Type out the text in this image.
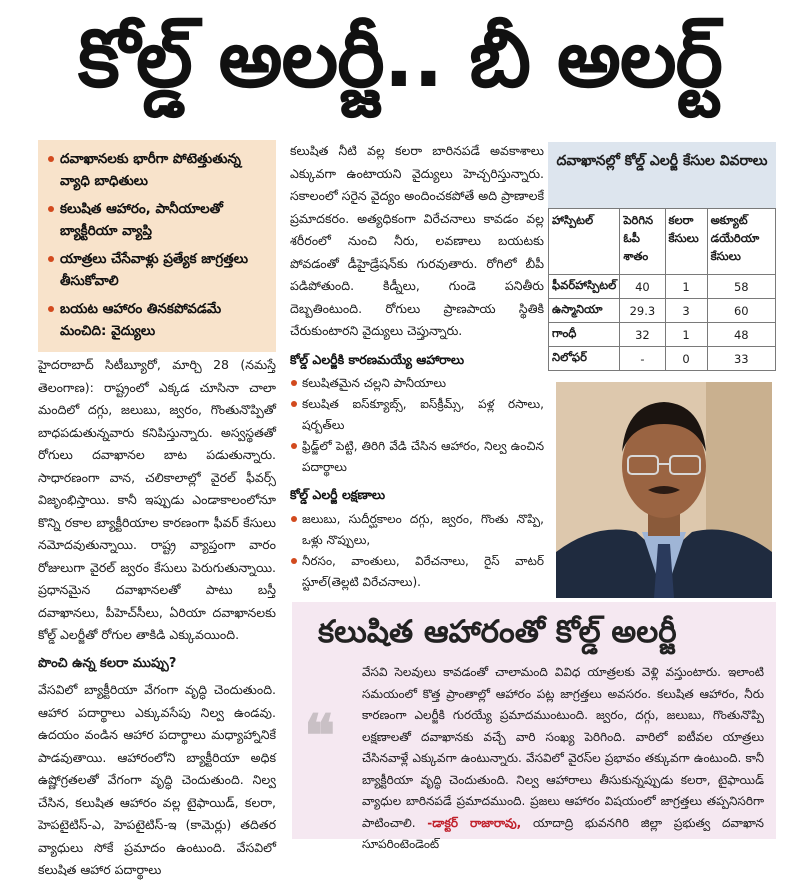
కోల్డ్ అలర్జీ.. బీ అలర్ట్
దవాఖానలకు భారీగా పోటెత్తుతున్న వ్యాధి బాధితులు
కలుషిత ఆహారం, పానీయాలతో బ్యాక్టీరియా వ్యాప్తి
యాత్రలు చేసేవాళ్లు ప్రత్యేక జాగ్రత్తలు తీసుకోవాలి
బయట ఆహారం తినకపోవడమే మంచిది: వైద్యులు

హైదరాబాద్ సిటీబ్యూరో, మార్చి 28 (నమస్తే తెలంగాణ): రాష్ట్రంలో ఎక్కడ చూసినా చాలా మందిలో దగ్గు, జలుబు, జ్వరం, గొంతునొప్పితో బాధపడుతున్నవారు కనిపిస్తున్నారు. అస్వస్థతతో రోగులు దవాఖానల బాట పడుతున్నారు. సాధారణంగా వాన, చలికాలాల్లో వైరల్ ఫీవర్స్ విజృంభిస్తాయి. కానీ ఇప్పుడు ఎండాకాలంలోనూ కొన్ని రకాల బ్యాక్టీరియాల కారణంగా ఫీవర్ కేసులు నమోదవుతున్నాయి. రాష్ట్ర వ్యాప్తంగా వారం రోజులుగా వైరల్ జ్వరం కేసులు పెరుగుతున్నాయి. ప్రధానమైన దవాఖానలతో పాటు బస్తీ దవాఖానలు, పీహెచ్‌సీలు, ఏరియా దవాఖానలకు కోల్డ్ ఎలర్జీతో రోగుల తాకిడి ఎక్కువయింది.

పొంచి ఉన్న కలరా ముప్పు?

వేసవిలో బ్యాక్టీరియా వేగంగా వృద్ధి చెందుతుంది. ఆహార పదార్థాలు ఎక్కువసేపు నిల్వ ఉండవు. ఉదయం వండిన ఆహార పదార్థాలు మధ్యాహ్నానికే పాడవుతాయి. ఆహారంలోని బ్యాక్టీరియా అధిక ఉష్ణోగ్రతలతో వేగంగా వృద్ధి చెందుతుంది. నిల్వ చేసిన, కలుషిత ఆహారం వల్ల టైఫాయిడ్, కలరా, హెపటైటిస్-ఎ, హెపటైటిస్-ఇ (కామెర్లు) తదితర వ్యాధులు సోకే ప్రమాదం ఉంటుంది. వేసవిలో కలుషిత ఆహార పదార్థాలు

కలుషిత నీటి వల్ల కలరా బారినపడే అవకాశాలు ఎక్కువగా ఉంటాయని వైద్యులు హెచ్చరిస్తున్నారు. సకాలంలో సరైన వైద్యం అందించకపోతే అది ప్రాణాలకే ప్రమాదకరం. అత్యధికంగా విరేచనాలు కావడం వల్ల శరీరంలో నుంచి నీరు, లవణాలు బయటకు పోవడంతో డీహైడ్రేషన్‌కు గురవుతారు. రోగిలో బీపీ పడిపోతుంది. కిడ్నీలు, గుండె పనితీరు దెబ్బతింటుంది. రోగులు ప్రాణపాయ స్థితికి చేరుకుంటారని వైద్యులు చెప్తున్నారు.

కోల్డ్ ఎలర్జీకి కారణమయ్యే ఆహారాలు
కలుషితమైన చల్లని పానీయాలు
కలుషిత ఐస్‌క్యూబ్స్, ఐస్‌క్రీమ్స్, పళ్ల రసాలు, షర్బత్‌లు
ఫ్రిడ్జ్‌లో పెట్టి, తిరిగి వేడి చేసిన ఆహారం, నిల్వ ఉంచిన పదార్థాలు
కోల్డ్ ఎలర్జీ లక్షణాలు
జలుబు, సుదీర్ఘకాలం దగ్గు, జ్వరం, గొంతు నొప్పి, ఒళ్లు నొప్పులు,
నీరసం, వాంతులు, విరేచనాలు, రైస్ వాటర్ స్టూల్(తెల్లటి విరేచనాలు).
దవాఖానల్లో కోల్డ్ ఎలర్జీ కేసుల వివరాలు
హాస్పిటల్	పెరిగిన ఓపీ శాతం	కలరా కేసులు	అక్యూట్ డయేరియా కేసులు
ఫీవర్‌హాస్పిటల్	40	1	58
ఉస్మానియా	29.3	3	60
గాంధీ	32	1	48
నిలోఫర్	-	0	33
కలుషిత ఆహారంతో కోల్డ్ అలర్జీ
❝
వేసవి సెలవులు కావడంతో చాలామంది వివిధ యాత్రలకు వెళ్లి వస్తుంటారు. ఇలాంటి సమయంలో కొత్త ప్రాంతాల్లో ఆహారం పట్ల జాగ్రత్తలు అవసరం. కలుషిత ఆహారం, నీరు కారణంగా ఎలర్జీకి గురయ్యే ప్రమాదముంటుంది. జ్వరం, దగ్గు, జలుబు, గొంతునొప్పి లక్షణాలతో దవాఖానకు వచ్చే వారి సంఖ్య పెరిగింది. వారిలో ఐటీ‌వల యాత్రలు చేసినవాళ్లే ఎక్కువగా ఉంటున్నారు. వేసవిలో వైరస్‌ల ప్రభావం తక్కువగా ఉంటుంది. కానీ బ్యాక్టీరియా వృద్ధి చెందుతుంది. నిల్వ ఆహారాలు తీసుకున్నప్పుడు కలరా, టైఫాయిడ్ వ్యాధుల బారినపడే ప్రమాదముంది. ప్రజలు ఆహారం విషయంలో జాగ్రత్తలు తప్పనిసరిగా పాటించాలి. -డాక్టర్ రాజారావు, యాదాద్రి భువనగిరి జిల్లా ప్రభుత్వ దవాఖాన సూపరింటెండెంట్
